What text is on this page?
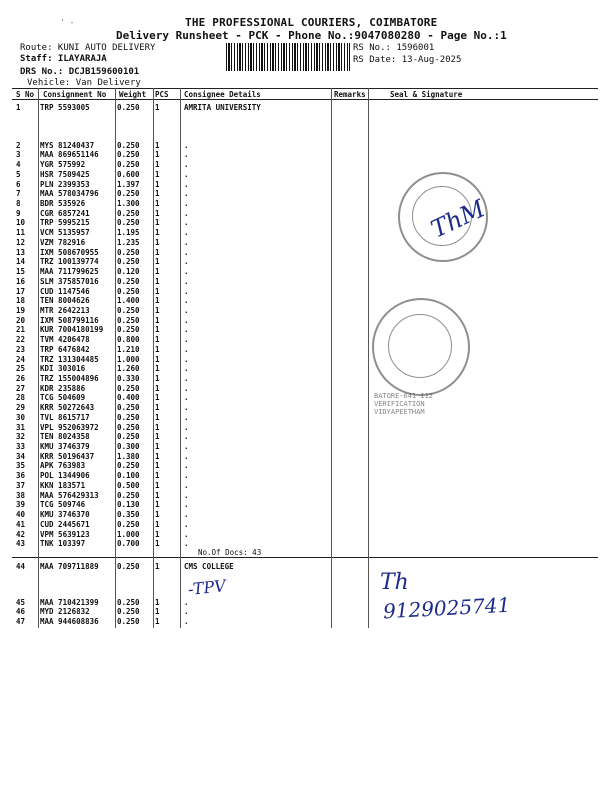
THE PROFESSIONAL COURIERS, COIMBATORE
Delivery Runsheet - PCK - Phone No.:9047080280 - Page No.:1
Route: KUNI AUTO DELIVERY
Staff: ILAYARAJA
DRS No.: DCJB159600101
Vehicle: Van Delivery
RS No.: 1596001
RS Date: 13-Aug-2025
' ‐
S No Consignment No Weight PCS Consignee Details	Remarks	Seal & Signature
1	TRP 5593005	0.250 1	AMRITA UNIVERSITY
2	MYS 81240437	0.250 1	.
3	MAA 869651146 0.250 1	.
4	YGR 575992	0.250 1	.
5	HSR 7509425	0.600 1	.
6	PLN 2399353	1.397 1	.
7	MAA 578034796 0.250 1	.
8	BDR 535926	1.300 1	.
9	CGR 6857241	0.250 1	.
10 TRP 5995215	0.250 1	.
11 VCM 5135957	1.195 1	.
12 VZM 782916	1.235 1	.
13 IXM 508670955 0.250 1	.
14 TRZ 100139774 0.250 1	.
15 MAA 711799625 0.120 1	.
16 SLM 375857016 0.250 1	.
17 CUD 1147546	0.250 1	.
18 TEN 8004626	1.400 1	.
19 MTR 2642213	0.250 1	.
20 IXM 508799116 0.250 1	.
21 KUR 7004180199 0.250 1	.
22 TVM 4206478	0.800 1	.
23 TRP 6476842	1.210 1	.
24 TRZ 131304485 1.000 1	.
25 KDI 303016	1.260 1	.
26 TRZ 155004896 0.330 1	.
27 KDR 235886	0.250 1	.
28 TCG 504609	0.400 1	.
29 KRR 50272643	0.250 1	.
30 TVL 8615717	0.250 1	.
31 VPL 952063972 0.250 1	.
32 TEN 8024358	0.250 1	.
33 KMU 3746379	0.300 1	.
34 KRR 50196437	1.380 1	.
35 APK 763983	0.250 1	.
36 POL 1344906	0.100 1	.
37 KKN 183571	0.500 1	.
38 MAA 576429313 0.250 1	.
39 TCG 509746	0.130 1	.
40 KMU 3746370	0.350 1	.
41 CUD 2445671	0.250 1	.
42 VPM 5639123	1.000 1	.
43 TNK 103397	0.700 1	.
44 MAA 709711889 0.250 1	CMS COLLEGE
45 MAA 710421399 0.250 1	.
46 MYD 2126832	0.250 1	.
47 MAA 944608836 0.250 1	.
No.Of Docs: 43
BATORE-641 112 VERIFICATION VIDYAPEETHAM
ThM
-TPV	Th
9129025741
